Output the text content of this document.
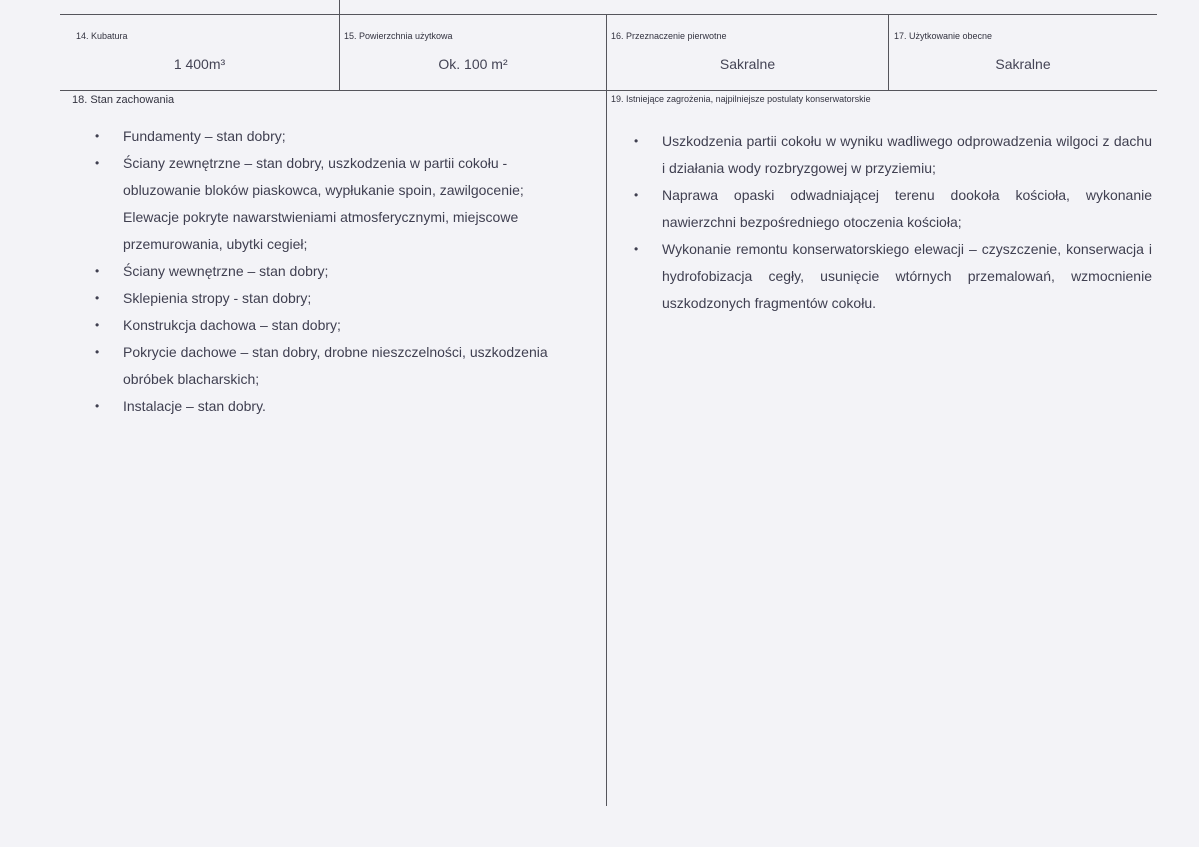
14. Kubatura
1 400m³
15. Powierzchnia użytkowa
Ok. 100 m²
16. Przeznaczenie pierwotne
Sakralne
17. Użytkowanie obecne
Sakralne
18. Stan zachowania	19. Istniejące zagrożenia, najpilniejsze postulaty konserwatorskie
• Fundamenty – stan dobry;
• Ściany zewnętrzne – stan dobry, uszkodzenia w partii cokołu - obluzowanie bloków piaskowca, wypłukanie spoin, zawilgocenie; Elewacje pokryte nawarstwieniami atmosferycznymi, miejscowe przemurowania, ubytki cegieł;
• Ściany wewnętrzne – stan dobry;
• Sklepienia stropy - stan dobry;
• Konstrukcja dachowa – stan dobry;
• Pokrycie dachowe – stan dobry, drobne nieszczelności, uszkodzenia obróbek blacharskich;
• Instalacje – stan dobry.
• Uszkodzenia partii cokołu w wyniku wadliwego odprowadzenia wilgoci z dachu i działania wody rozbryzgowej w przyziemiu;
• Naprawa opaski odwadniającej terenu dookoła kościoła, wykonanie nawierzchni bezpośredniego otoczenia kościoła;
• Wykonanie remontu konserwatorskiego elewacji – czyszczenie, konserwacja i hydrofobizacja cegły, usunięcie wtórnych przemalowań, wzmocnienie uszkodzonych fragmentów cokołu.
